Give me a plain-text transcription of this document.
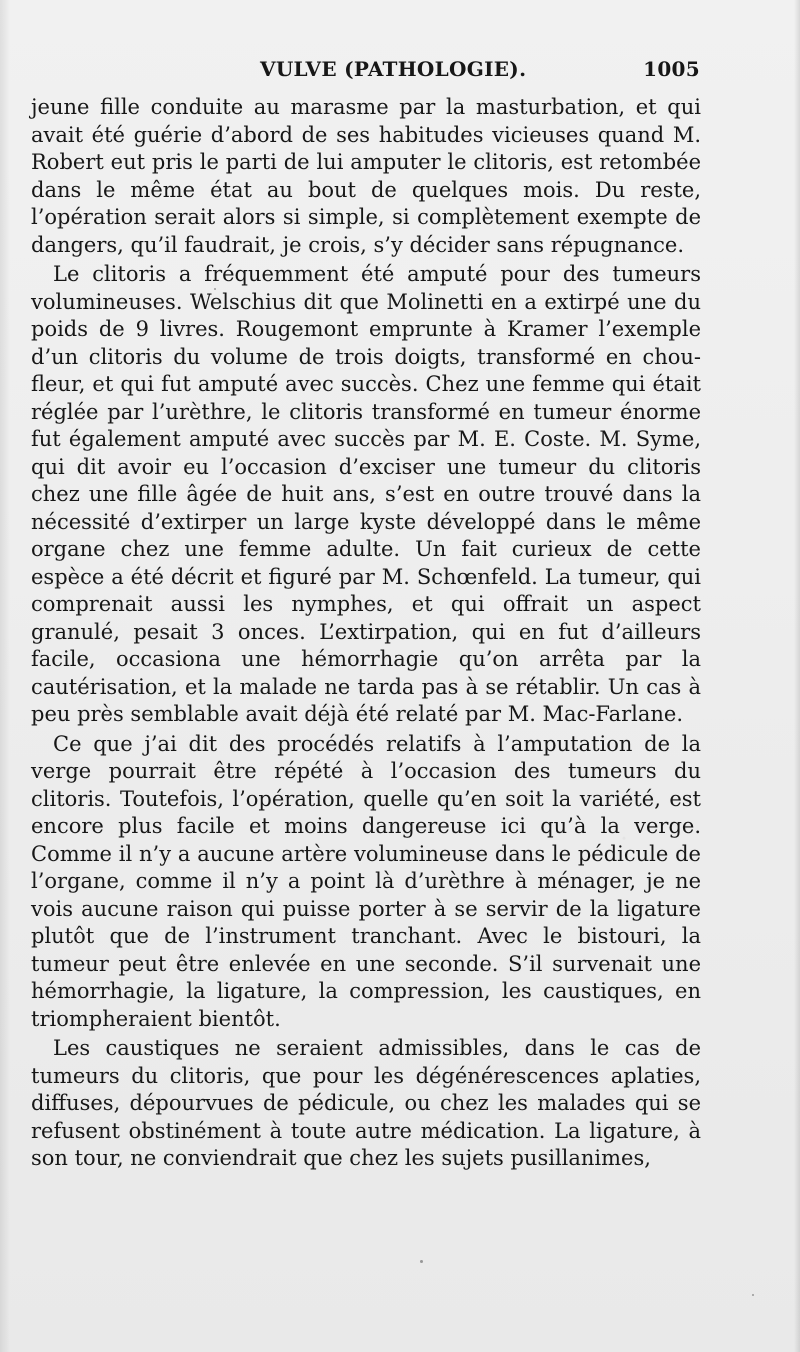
VULVE (PATHOLOGIE).	1005

jeune fille conduite au marasme par la masturbation, et qui avait été guérie d’abord de ses habitudes vicieuses quand M. Robert eut pris le parti de lui amputer le clitoris, est retombée dans le même état au bout de quelques mois. Du reste, l’opération serait alors si simple, si complètement exempte de dangers, qu’il faudrait, je crois, s’y décider sans répugnance.

Le clitoris a fréquemment été amputé pour des tumeurs volumineuses. Welschius dit que Molinetti en a extirpé une du poids de 9 livres. Rougemont emprunte à Kramer l’exemple d’un clitoris du volume de trois doigts, transformé en chou-fleur, et qui fut amputé avec succès. Chez une femme qui était réglée par l’urèthre, le clitoris transformé en tumeur énorme fut également amputé avec succès par M. E. Coste. M. Syme, qui dit avoir eu l’occasion d’exciser une tumeur du clitoris chez une fille âgée de huit ans, s’est en outre trouvé dans la nécessité d’extirper un large kyste développé dans le même organe chez une femme adulte. Un fait curieux de cette espèce a été décrit et figuré par M. Schœnfeld. La tumeur, qui comprenait aussi les nymphes, et qui offrait un aspect granulé, pesait 3 onces. L’extirpation, qui en fut d’ailleurs facile, occasiona une hémorrhagie qu’on arrêta par la cautérisation, et la malade ne tarda pas à se rétablir. Un cas à peu près semblable avait déjà été relaté par M. Mac-Farlane.

Ce que j’ai dit des procédés relatifs à l’amputation de la verge pourrait être répété à l’occasion des tumeurs du clitoris. Toutefois, l’opération, quelle qu’en soit la variété, est encore plus facile et moins dangereuse ici qu’à la verge. Comme il n’y a aucune artère volumineuse dans le pédicule de l’organe, comme il n’y a point là d’urèthre à ménager, je ne vois aucune raison qui puisse porter à se servir de la ligature plutôt que de l’instrument tranchant. Avec le bistouri, la tumeur peut être enlevée en une seconde. S’il survenait une hémorrhagie, la ligature, la compression, les caustiques, en triompheraient bientôt.

Les caustiques ne seraient admissibles, dans le cas de tumeurs du clitoris, que pour les dégénérescences aplaties, diffuses, dépourvues de pédicule, ou chez les malades qui se refusent obstinément à toute autre médication. La ligature, à son tour, ne conviendrait que chez les sujets pusillanimes,
